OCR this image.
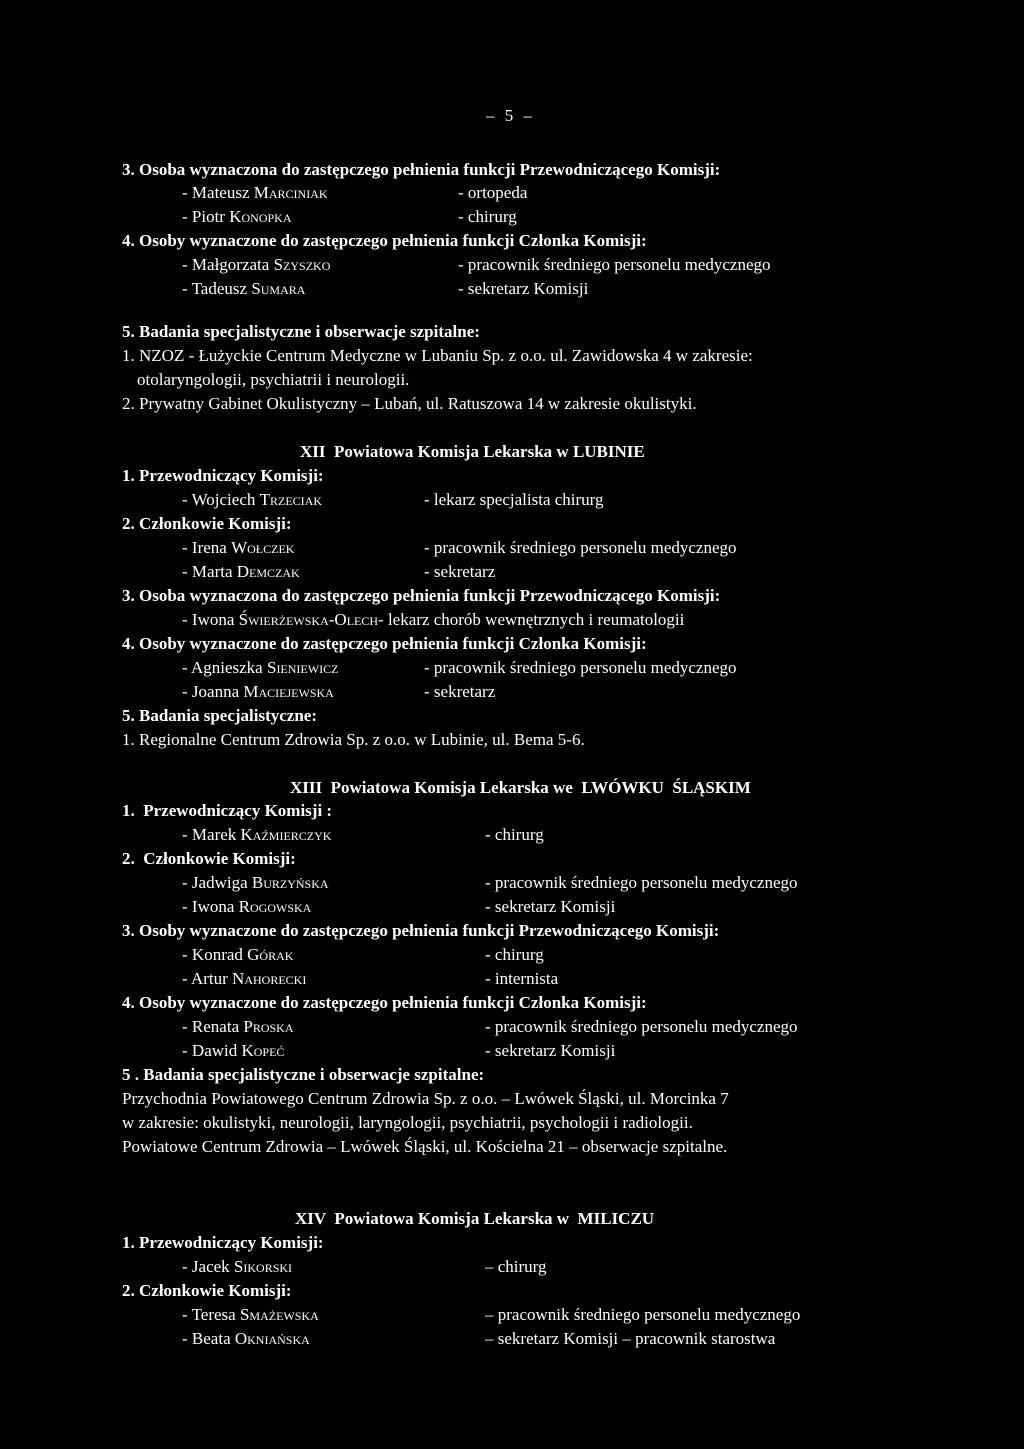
– 5 –
3. Osoba wyznaczona do zastępczego pełnienia funkcji Przewodniczącego Komisji:
- Mateusz Marciniak	- ortopeda
- Piotr Konopka	- chirurg
4. Osoby wyznaczone do zastępczego pełnienia funkcji Członka Komisji:
- Małgorzata Szyszko	- pracownik średniego personelu medycznego
- Tadeusz Sumara	- sekretarz Komisji
5. Badania specjalistyczne i obserwacje szpitalne:
1. NZOZ - Łużyckie Centrum Medyczne w Lubaniu Sp. z o.o. ul. Zawidowska 4 w zakresie:
otolaryngologii, psychiatrii i neurologii.
2. Prywatny Gabinet Okulistyczny – Lubań, ul. Ratuszowa 14 w zakresie okulistyki.
XII  Powiatowa Komisja Lekarska w LUBINIE
1. Przewodniczący Komisji:
- Wojciech Trzeciak	- lekarz specjalista chirurg
2. Członkowie Komisji:
- Irena Wołczek	- pracownik średniego personelu medycznego
- Marta Demczak	- sekretarz
3. Osoba wyznaczona do zastępczego pełnienia funkcji Przewodniczącego Komisji:
- Iwona Świerżewska-Olech- lekarz chorób wewnętrznych i reumatologii
4. Osoby wyznaczone do zastępczego pełnienia funkcji Członka Komisji:
- Agnieszka Sieniewicz	- pracownik średniego personelu medycznego
- Joanna Maciejewska	- sekretarz
5. Badania specjalistyczne:
1. Regionalne Centrum Zdrowia Sp. z o.o. w Lubinie, ul. Bema 5-6.
XIII  Powiatowa Komisja Lekarska we  LWÓWKU  ŚLĄSKIM
1.  Przewodniczący Komisji :
- Marek Kaźmierczyk	- chirurg
2.  Członkowie Komisji:
- Jadwiga Burzyńska	- pracownik średniego personelu medycznego
- Iwona Rogowska	- sekretarz Komisji
3. Osoby wyznaczone do zastępczego pełnienia funkcji Przewodniczącego Komisji:
- Konrad Górak	- chirurg
- Artur Nahorecki	- internista
4. Osoby wyznaczone do zastępczego pełnienia funkcji Członka Komisji:
- Renata Proska	- pracownik średniego personelu medycznego
- Dawid Kopeć	- sekretarz Komisji
5 . Badania specjalistyczne i obserwacje szpitalne:
Przychodnia Powiatowego Centrum Zdrowia Sp. z o.o. – Lwówek Śląski, ul. Morcinka 7
w zakresie: okulistyki, neurologii, laryngologii, psychiatrii, psychologii i radiologii.
Powiatowe Centrum Zdrowia – Lwówek Śląski, ul. Kościelna 21 – obserwacje szpitalne.
XIV  Powiatowa Komisja Lekarska w  MILICZU
1. Przewodniczący Komisji:
- Jacek Sikorski	– chirurg
2. Członkowie Komisji:
- Teresa Smażewska	– pracownik średniego personelu medycznego
- Beata Okniańska	– sekretarz Komisji – pracownik starostwa
